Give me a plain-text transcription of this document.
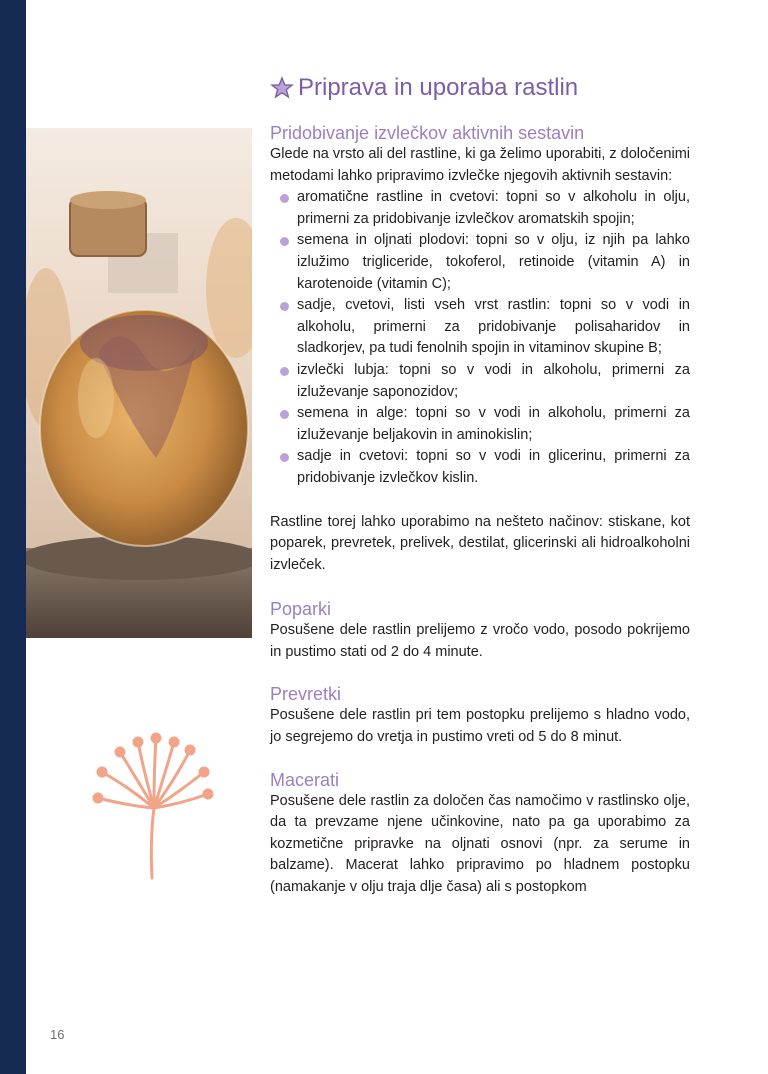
Priprava in uporaba rastlin
Pridobivanje izvlečkov aktivnih sestavin

Glede na vrsto ali del rastline, ki ga želimo uporabiti, z določenimi metodami lahko pripravimo izvlečke njegovih aktivnih sestavin:

aromatične rastline in cvetovi: topni so v alkoholu in olju, primerni za pridobivanje izvlečkov aromatskih spojin;
semena in oljnati plodovi: topni so v olju, iz njih pa lahko izlužimo trigliceride, tokoferol, retinoide (vitamin A) in karotenoide (vitamin C);
sadje, cvetovi, listi vseh vrst rastlin: topni so v vodi in alkoholu, primerni za pridobivanje polisaharidov in sladkorjev, pa tudi fenolnih spojin in vitaminov skupine B;
izvlečki lubja: topni so v vodi in alkoholu, primerni za izluževanje saponozidov;
semena in alge: topni so v vodi in alkoholu, primerni za izluževanje beljakovin in aminokislin;
sadje in cvetovi: topni so v vodi in glicerinu, primerni za pridobivanje izvlečkov kislin.

Rastline torej lahko uporabimo na nešteto načinov: stiskane, kot poparek, prevretek, prelivek, destilat, glicerinski ali hidroalkoholni izvleček.

Poparki

Posušene dele rastlin prelijemo z vročo vodo, posodo pokrijemo in pustimo stati od 2 do 4 minute.

Prevretki

Posušene dele rastlin pri tem postopku prelijemo s hladno vodo, jo segrejemo do vretja in pustimo vreti od 5 do 8 minut.

Macerati

Posušene dele rastlin za določen čas namočimo v rastlinsko olje, da ta prevzame njene učinkovine, nato pa ga uporabimo za kozmetične pripravke na oljnati osnovi (npr. za serume in balzame). Macerat lahko pripravimo po hladnem postopku (namakanje v olju traja dlje časa) ali s postopkom

16
